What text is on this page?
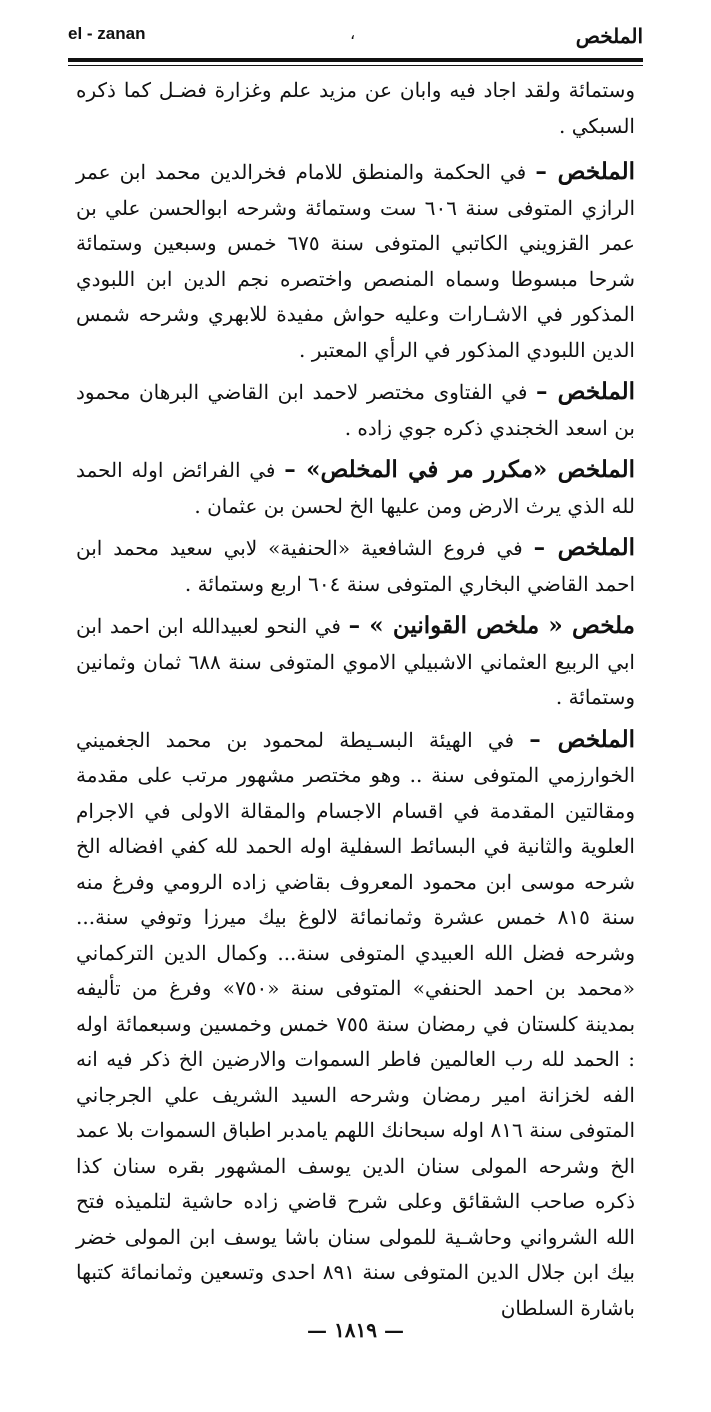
el - zanan	،	الملخص

وستمائة ولقد اجاد فيه وابان عن مزيد علم وغزارة فضـل كما ذكره السبكي .

الملخص – في الحكمة والمنطق للامام فخرالدين محمد ابن عمر الرازي المتوفى سنة ٦٠٦ ست وستمائة وشرحه ابوالحسن علي بن عمر القزويني الكاتبي المتوفى سنة ٦٧٥ خمس وسبعين وستمائة شرحا مبسوطا وسماه المنصص واختصره نجم الدين ابن اللبودي المذكور في الاشـارات وعليه حواش مفيدة للابهري وشرحه شمس الدين اللبودي المذكور في الرأي المعتبر .

الملخص – في الفتاوى مختصر لاحمد ابن القاضي البرهان محمود بن اسعد الخجندي ذكره جوي زاده .

الملخص «مكرر مر في المخلص» – في الفرائض اوله الحمد لله الذي يرث الارض ومن عليها الخ لحسن بن عثمان .

الملخص – في فروع الشافعية «الحنفية» لابي سعيد محمد ابن احمد القاضي البخاري المتوفى سنة ٦٠٤ اربع وستمائة .

ملخص « ملخص القوانين » – في النحو لعبيدالله ابن احمد ابن ابي الربيع العثماني الاشبيلي الاموي المتوفى سنة ٦٨٨ ثمان وثمانين وستمائة .

الملخص – في الهيئة البسـيطة لمحمود بن محمد الجغميني الخوارزمي المتوفى سنة .. وهو مختصر مشهور مرتب على مقدمة ومقالتين المقدمة في اقسام الاجسام والمقالة الاولى في الاجرام العلوية والثانية في البسائط السفلية اوله الحمد لله كفي افضاله الخ شرحه موسى ابن محمود المعروف بقاضي زاده الرومي وفرغ منه سنة ٨١٥ خمس عشرة وثمانمائة لالوغ بيك ميرزا وتوفي سنة... وشرحه فضل الله العبيدي المتوفى سنة... وكمال الدين التركماني «محمد بن احمد الحنفي» المتوفى سنة «٧٥٠» وفرغ من تأليفه بمدينة كلستان في رمضان سنة ٧٥٥ خمس وخمسين وسبعمائة اوله : الحمد لله رب العالمين فاطر السموات والارضين الخ ذكر فيه انه الفه لخزانة امير رمضان وشرحه السيد الشريف علي الجرجاني المتوفى سنة ٨١٦ اوله سبحانك اللهم يامدبر اطباق السموات بلا عمد الخ وشرحه المولى سنان الدين يوسف المشهور بقره سنان كذا ذكره صاحب الشقائق وعلى شرح قاضي زاده حاشية لتلميذه فتح الله الشرواني وحاشـية للمولى سنان باشا يوسف ابن المولى خضر بيك ابن جلال الدين المتوفى سنة ٨٩١ احدى وتسعين وثمانمائة كتبها باشارة السلطان

— ١٨١٩ —
